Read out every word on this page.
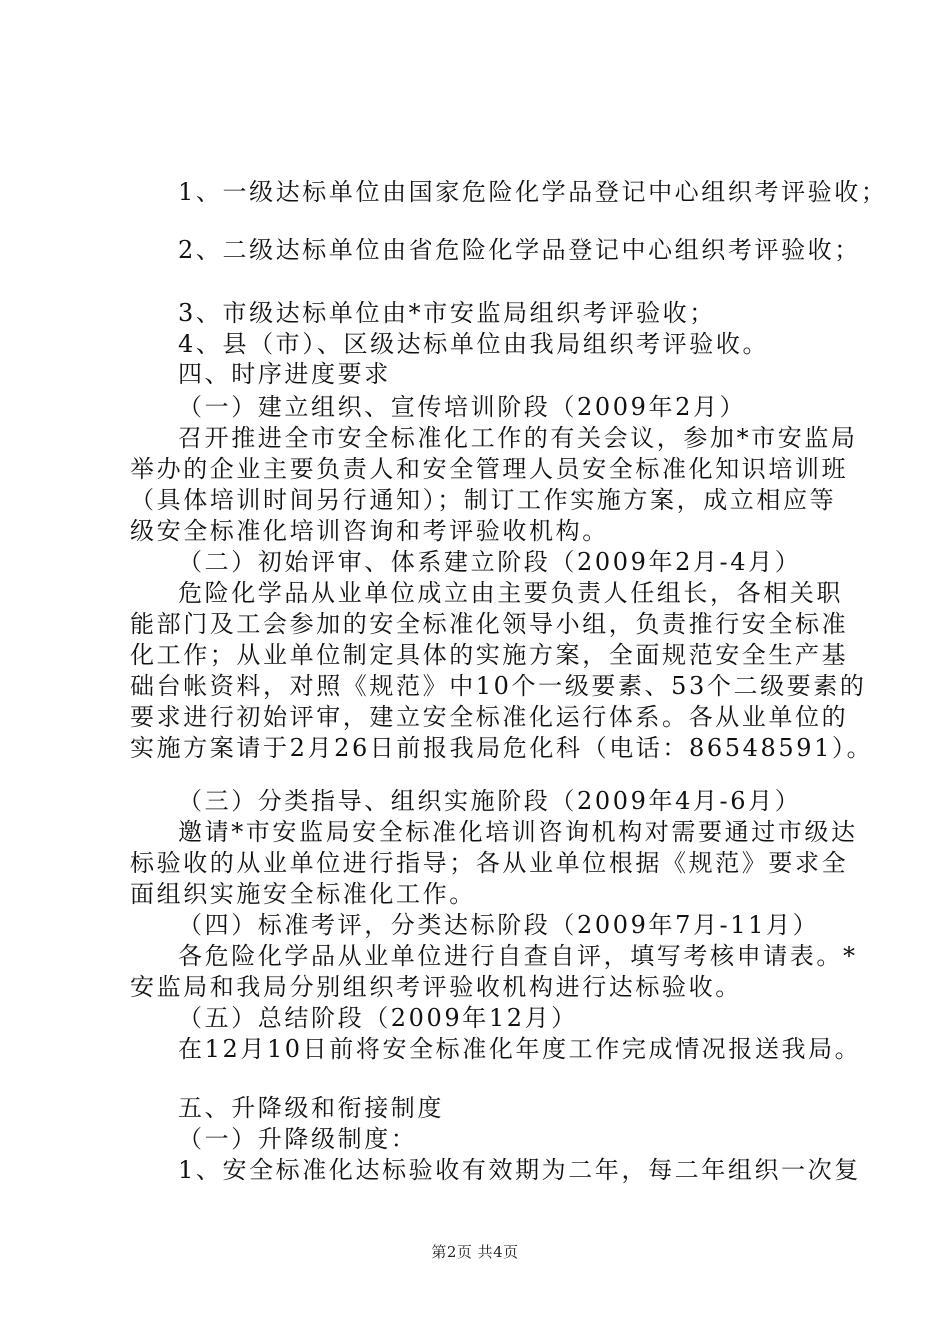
1、一级达标单位由国家危险化学品登记中心组织考评验收；
2、二级达标单位由省危险化学品登记中心组织考评验收；
3、市级达标单位由*市安监局组织考评验收；
4、县（市）、区级达标单位由我局组织考评验收。
四、时序进度要求
（一）建立组织、宣传培训阶段（2009年2月）
召开推进全市安全标准化工作的有关会议，参加*市安监局
举办的企业主要负责人和安全管理人员安全标准化知识培训班
（具体培训时间另行通知）；制订工作实施方案，成立相应等
级安全标准化培训咨询和考评验收机构。
（二）初始评审、体系建立阶段（2009年2月-4月）
危险化学品从业单位成立由主要负责人任组长，各相关职
能部门及工会参加的安全标准化领导小组，负责推行安全标准
化工作；从业单位制定具体的实施方案，全面规范安全生产基
础台帐资料，对照《规范》中10个一级要素、53个二级要素的
要求进行初始评审，建立安全标准化运行体系。各从业单位的
实施方案请于2月26日前报我局危化科（电话：86548591）。
（三）分类指导、组织实施阶段（2009年4月-6月）
邀请*市安监局安全标准化培训咨询机构对需要通过市级达
标验收的从业单位进行指导；各从业单位根据《规范》要求全
面组织实施安全标准化工作。
（四）标准考评，分类达标阶段（2009年7月-11月）
各危险化学品从业单位进行自查自评，填写考核申请表。*
安监局和我局分别组织考评验收机构进行达标验收。
（五）总结阶段（2009年12月）
在12月10日前将安全标准化年度工作完成情况报送我局。
五、升降级和衔接制度
（一）升降级制度：
1、安全标准化达标验收有效期为二年，每二年组织一次复
第2页 共4页
